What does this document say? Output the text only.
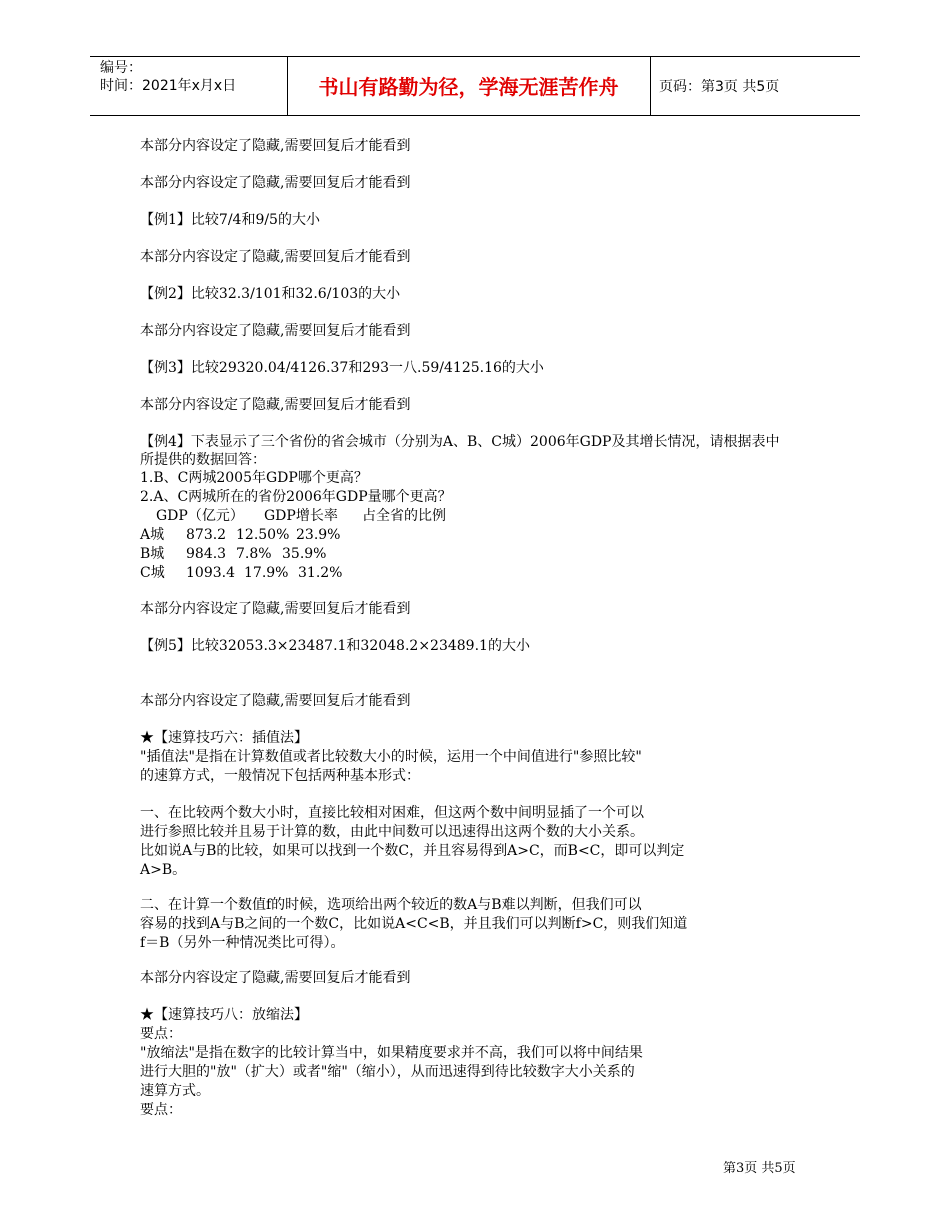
编号：
时间：2021年x月x日	书山有路勤为径，学海无涯苦作舟	页码：第3页 共5页
本部分内容设定了隐藏,需要回复后才能看到
本部分内容设定了隐藏,需要回复后才能看到
【例1】比较7/4和9/5的大小
本部分内容设定了隐藏,需要回复后才能看到
【例2】比较32.3/101和32.6/103的大小
本部分内容设定了隐藏,需要回复后才能看到
【例3】比较29320.04/4126.37和293一八.59/4125.16的大小
本部分内容设定了隐藏,需要回复后才能看到
【例4】下表显示了三个省份的省会城市（分别为A、B、C城）2006年GDP及其增长情况，请根据表中
所提供的数据回答：
1.B、C两城2005年GDP哪个更高？
2.A、C两城所在的省份2006年GDP量哪个更高？
GDP（亿元） GDP增长率 占全省的比例
A城 873.2 12.50% 23.9%
B城 984.3 7.8% 35.9%
C城 1093.4 17.9% 31.2%
本部分内容设定了隐藏,需要回复后才能看到
【例5】比较32053.3×23487.1和32048.2×23489.1的大小
本部分内容设定了隐藏,需要回复后才能看到
★【速算技巧六：插值法】
"插值法"是指在计算数值或者比较数大小的时候，运用一个中间值进行"参照比较"
的速算方式，一般情况下包括两种基本形式：
一、在比较两个数大小时，直接比较相对困难，但这两个数中间明显插了一个可以
进行参照比较并且易于计算的数，由此中间数可以迅速得出这两个数的大小关系。
比如说A与B的比较，如果可以找到一个数C，并且容易得到A>C，而B<C，即可以判定
A>B。
二、在计算一个数值f的时候，选项给出两个较近的数A与B难以判断，但我们可以
容易的找到A与B之间的一个数C，比如说A<C<B，并且我们可以判断f>C，则我们知道
f＝B（另外一种情况类比可得）。
本部分内容设定了隐藏,需要回复后才能看到
★【速算技巧八：放缩法】
要点：
"放缩法"是指在数字的比较计算当中，如果精度要求并不高，我们可以将中间结果
进行大胆的"放"（扩大）或者"缩"（缩小），从而迅速得到待比较数字大小关系的
速算方式。
要点：
第3页 共5页
